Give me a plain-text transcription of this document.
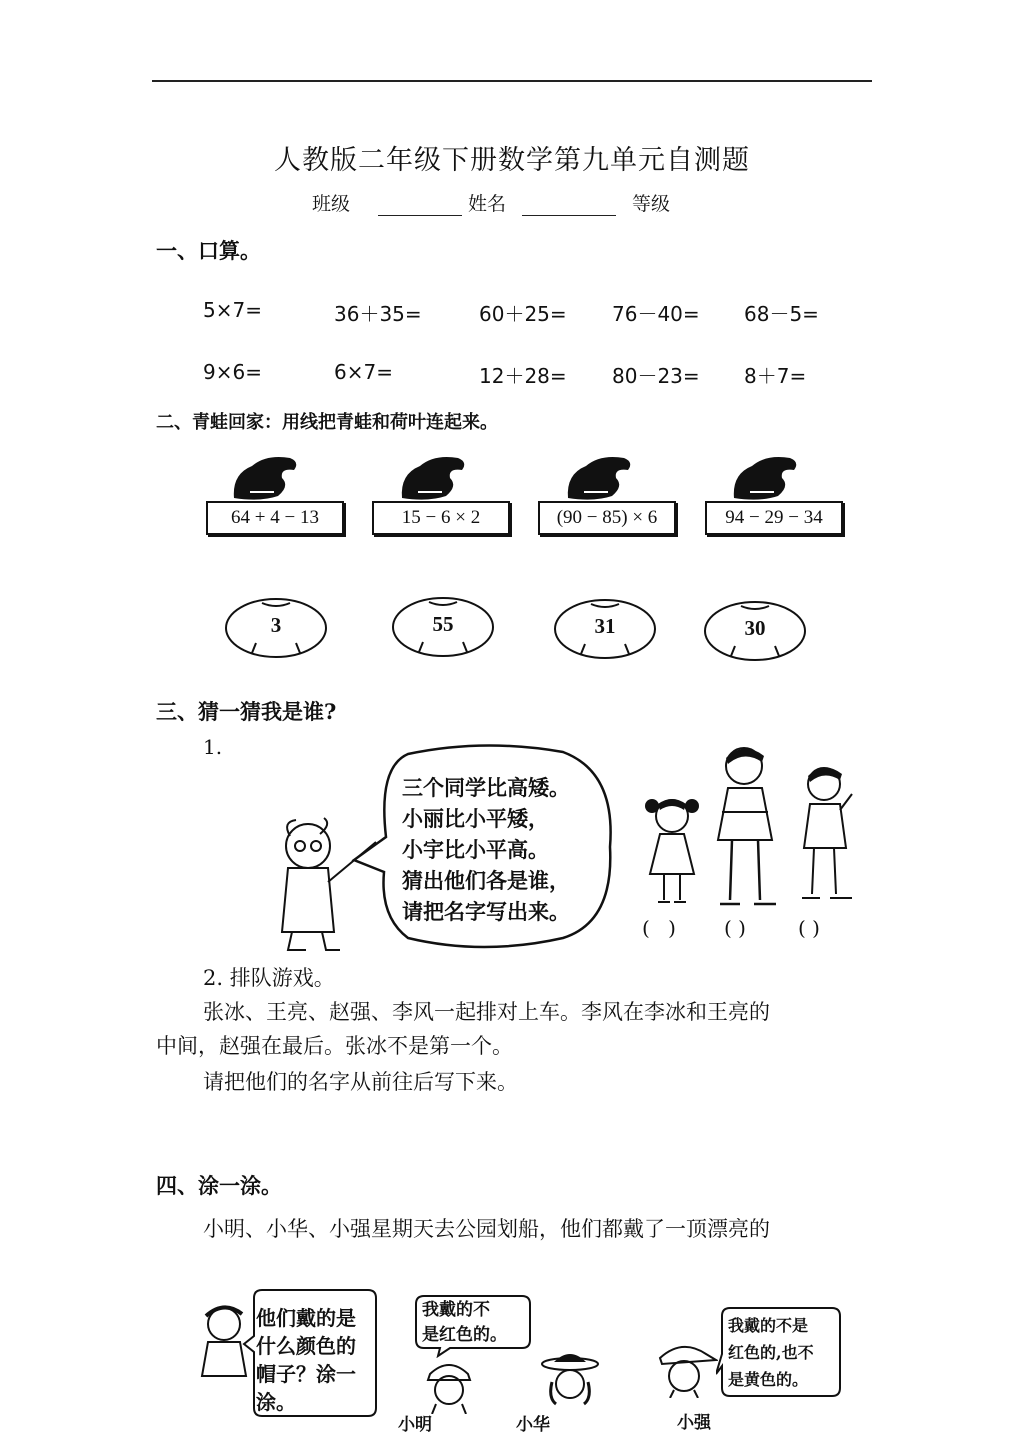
人教版二年级下册数学第九单元自测题
班级	姓名	等级
一、口算。
5×7=	36＋35=	60＋25= 76－40= 68－5=
9×6=	6×7=	12＋28= 80－23= 8＋7=
二、青蛙回家：用线把青蛙和荷叶连起来。
64 + 4 − 13	15 − 6 × 2	(90 − 85) × 6	94 − 29 − 34
3	55	31	30
三、猜一猜我是谁?
1.
三个同学比高矮。
小丽比小平矮，
小宇比小平高。
猜出他们各是谁，
请把名字写出来。
( ) ( )	( )
2. 排队游戏。
张冰、王亮、赵强、李风一起排对上车。李风在李冰和王亮的
中间，赵强在最后。张冰不是第一个。
请把他们的名字从前往后写下来。
四、涂一涂。
小明、小华、小强星期天去公园划船，他们都戴了一顶漂亮的
他们戴的是
什么颜色的
帽子？涂一
涂。
我戴的不
是红色的。	我戴的不是
红色的,也不
是黄色的。
小明	小华	小强
